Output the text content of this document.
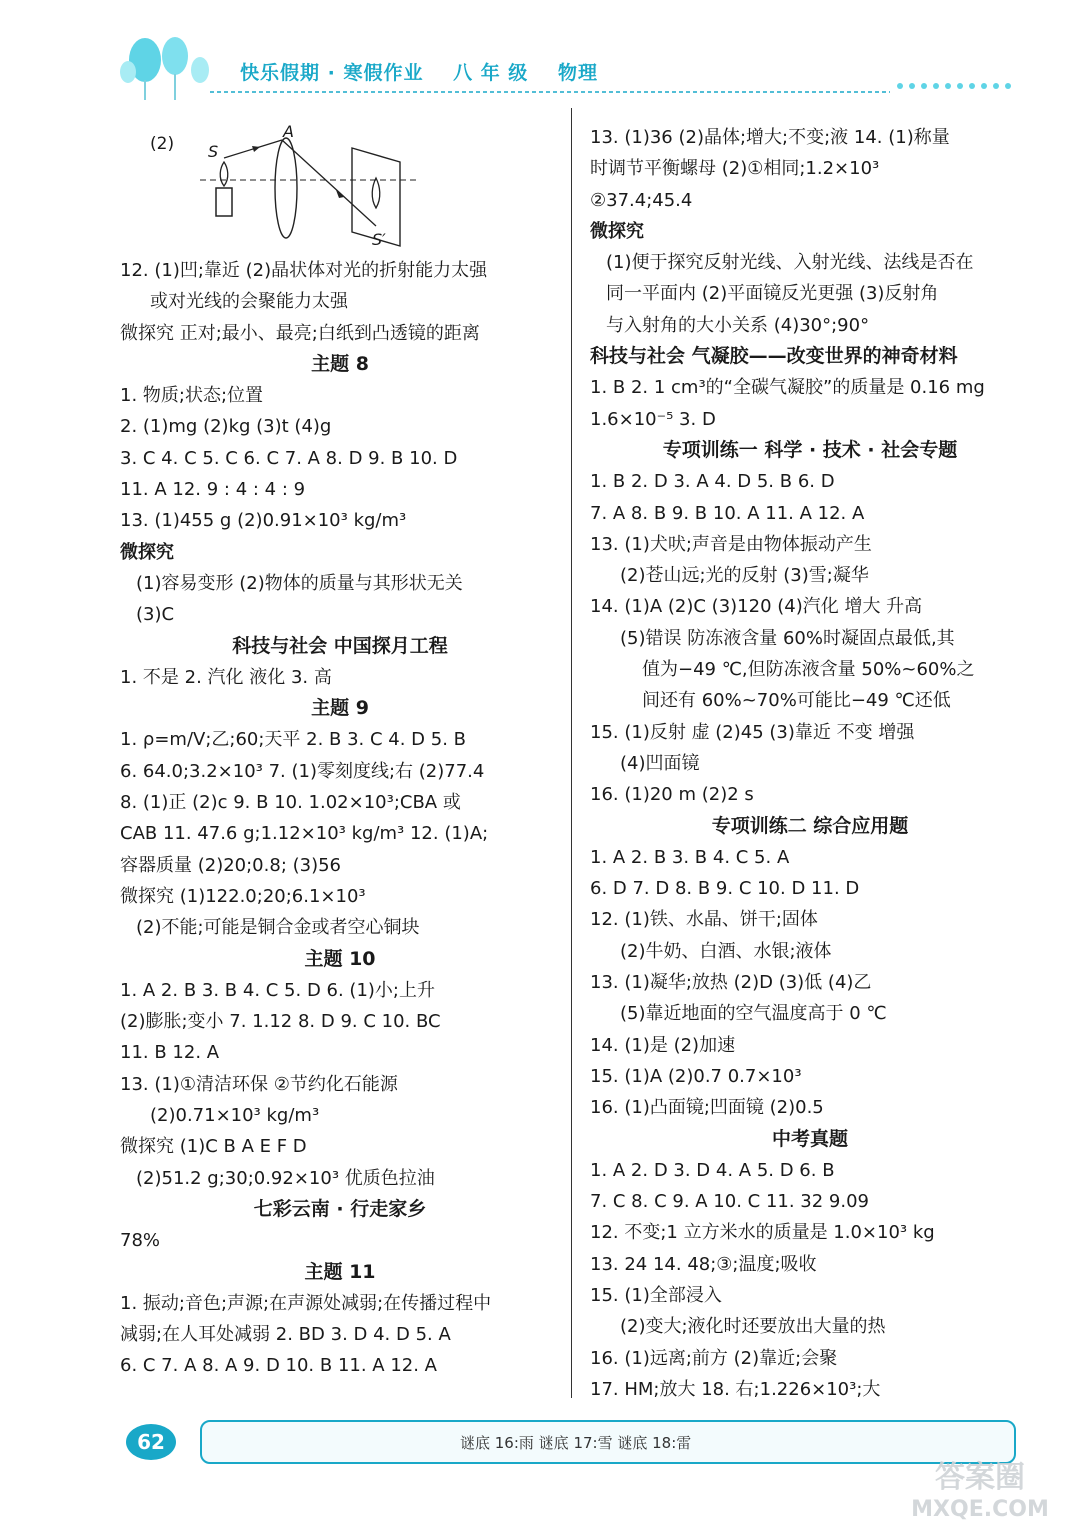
快乐假期 · 寒假作业 八 年 级 物理
(2) S
A
S′
12. (1)凹;靠近 (2)晶状体对光的折射能力太强
或对光线的会聚能力太强
微探究 正对;最小、最亮;白纸到凸透镜的距离
主题 8
1. 物质;状态;位置
2. (1)mg (2)kg (3)t (4)g
3. C 4. C 5. C 6. C 7. A 8. D 9. B 10. D
11. A 12. 9 : 4 : 4 : 9
13. (1)455 g (2)0.91×10³ kg/m³
微探究
(1)容易变形 (2)物体的质量与其形状无关
(3)C
科技与社会 中国探月工程
1. 不是 2. 汽化 液化 3. 高
主题 9
1. ρ=m/V;乙;60;天平 2. B 3. C 4. D 5. B
6. 64.0;3.2×10³ 7. (1)零刻度线;右 (2)77.4
8. (1)正 (2)c 9. B 10. 1.02×10³;CBA 或
CAB 11. 47.6 g;1.12×10³ kg/m³ 12. (1)A;
容器质量 (2)20;0.8; (3)56
微探究 (1)122.0;20;6.1×10³
(2)不能;可能是铜合金或者空心铜块
主题 10
1. A 2. B 3. B 4. C 5. D 6. (1)小;上升
(2)膨胀;变小 7. 1.12 8. D 9. C 10. BC
11. B 12. A
13. (1)①清洁环保 ②节约化石能源
(2)0.71×10³ kg/m³
微探究 (1)C B A E F D
(2)51.2 g;30;0.92×10³ 优质色拉油
七彩云南 · 行走家乡
78%
主题 11
1. 振动;音色;声源;在声源处减弱;在传播过程中
减弱;在人耳处减弱 2. BD 3. D 4. D 5. A
6. C 7. A 8. A 9. D 10. B 11. A 12. A
13. (1)36 (2)晶体;增大;不变;液 14. (1)称量
时调节平衡螺母 (2)①相同;1.2×10³
②37.4;45.4
微探究
(1)便于探究反射光线、入射光线、法线是否在
同一平面内 (2)平面镜反光更强 (3)反射角
与入射角的大小关系 (4)30°;90°
科技与社会 气凝胶——改变世界的神奇材料
1. B 2. 1 cm³的“全碳气凝胶”的质量是 0.16 mg
1.6×10⁻⁵ 3. D
专项训练一 科学 · 技术 · 社会专题
1. B 2. D 3. A 4. D 5. B 6. D
7. A 8. B 9. B 10. A 11. A 12. A
13. (1)犬吠;声音是由物体振动产生
(2)苍山远;光的反射 (3)雪;凝华
14. (1)A (2)C (3)120 (4)汽化 增大 升高
(5)错误 防冻液含量 60%时凝固点最低,其
值为−49 ℃,但防冻液含量 50%~60%之
间还有 60%~70%可能比−49 ℃还低
15. (1)反射 虚 (2)45 (3)靠近 不变 增强
(4)凹面镜
16. (1)20 m (2)2 s
专项训练二 综合应用题
1. A 2. B 3. B 4. C 5. A
6. D 7. D 8. B 9. C 10. D 11. D
12. (1)铁、水晶、饼干;固体
(2)牛奶、白酒、水银;液体
13. (1)凝华;放热 (2)D (3)低 (4)乙
(5)靠近地面的空气温度高于 0 ℃
14. (1)是 (2)加速
15. (1)A (2)0.7 0.7×10³
16. (1)凸面镜;凹面镜 (2)0.5
中考真题
1. A 2. D 3. D 4. A 5. D 6. B
7. C 8. C 9. A 10. C 11. 32 9.09
12. 不变;1 立方米水的质量是 1.0×10³ kg
13. 24 14. 48;③;温度;吸收
15. (1)全部浸入
(2)变大;液化时还要放出大量的热
16. (1)远离;前方 (2)靠近;会聚
17. HM;放大 18. 右;1.226×10³;大
62	谜底 16:雨 谜底 17:雪 谜底 18:雷
答案圈
MXQE.COM
